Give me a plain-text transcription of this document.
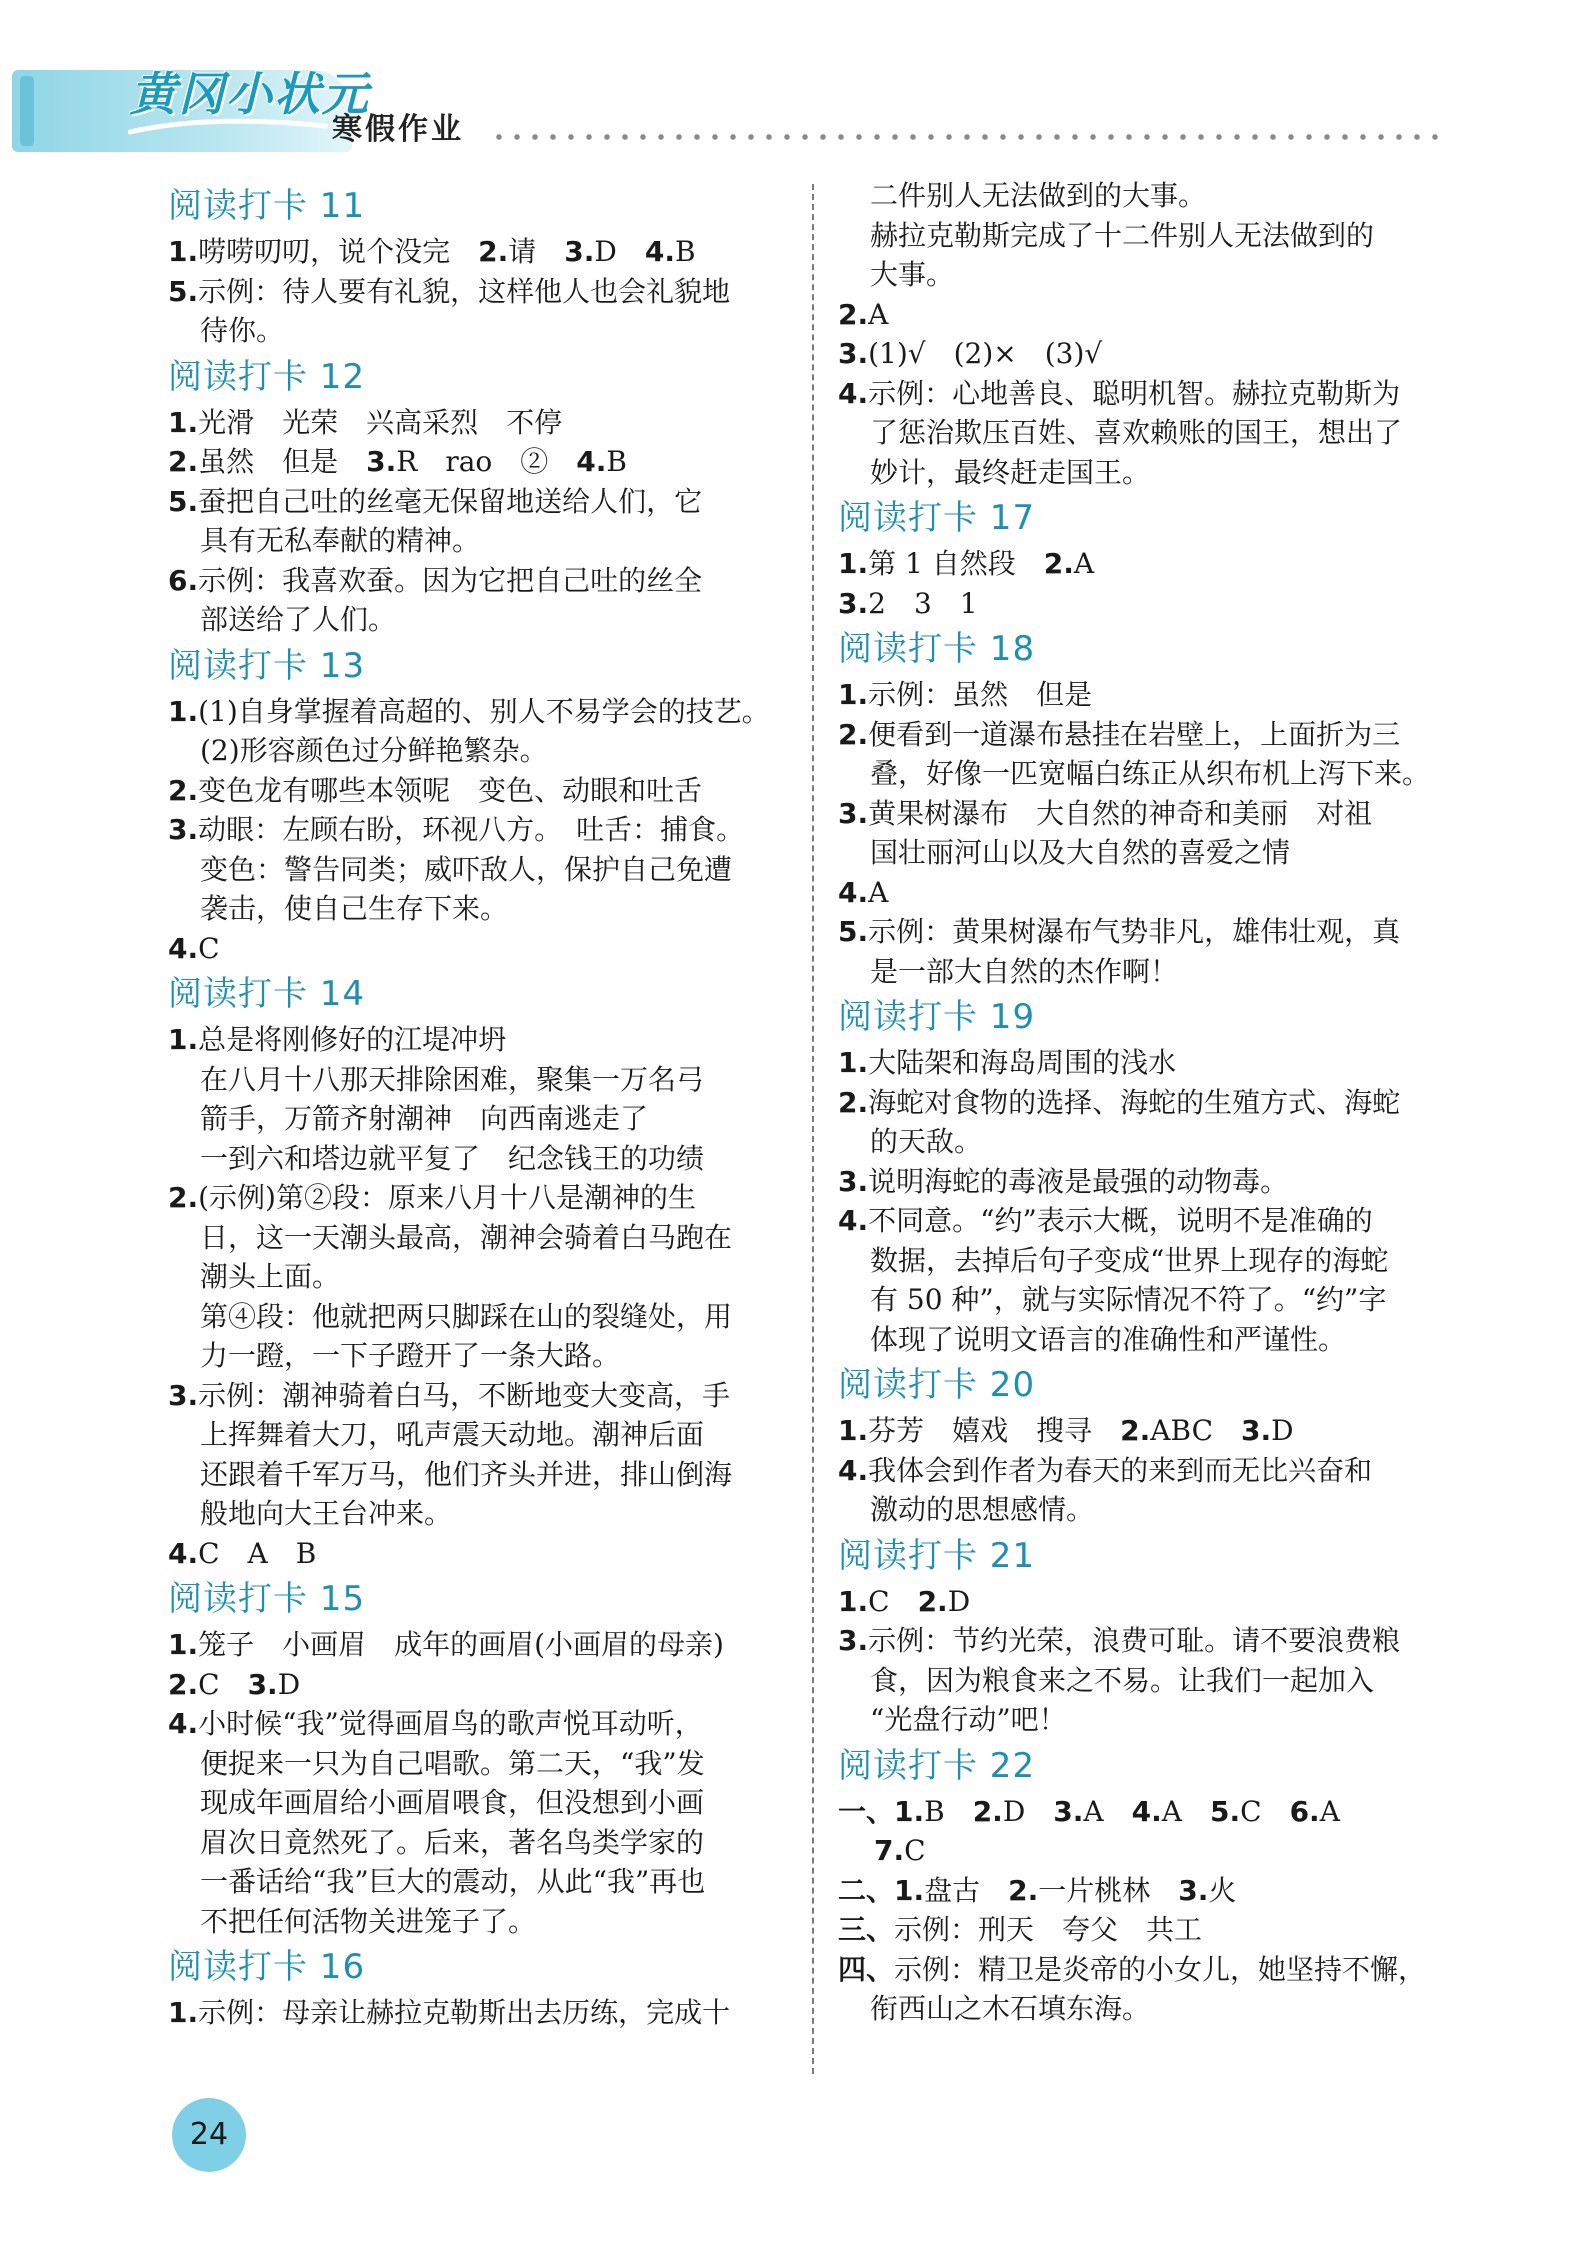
黄冈小状元
寒假作业
阅读打卡 11
1.唠唠叨叨，说个没完　2.请　3.D　4.B
5.示例：待人要有礼貌，这样他人也会礼貌地
待你。
阅读打卡 12
1.光滑　光荣　兴高采烈　不停
2.虽然　但是　3.R　rao　②　4.B
5.蚕把自己吐的丝毫无保留地送给人们，它
具有无私奉献的精神。
6.示例：我喜欢蚕。因为它把自己吐的丝全
部送给了人们。
阅读打卡 13
1.(1)自身掌握着高超的、别人不易学会的技艺。
(2)形容颜色过分鲜艳繁杂。
2.变色龙有哪些本领呢　变色、动眼和吐舌
3.动眼：左顾右盼，环视八方。　吐舌：捕食。
变色：警告同类；威吓敌人，保护自己免遭
袭击，使自己生存下来。
4.C
阅读打卡 14
1.总是将刚修好的江堤冲坍
在八月十八那天排除困难，聚集一万名弓
箭手，万箭齐射潮神　向西南逃走了
一到六和塔边就平复了　纪念钱王的功绩
2.(示例)第②段：原来八月十八是潮神的生
日，这一天潮头最高，潮神会骑着白马跑在
潮头上面。
第④段：他就把两只脚踩在山的裂缝处，用
力一蹬，一下子蹬开了一条大路。
3.示例：潮神骑着白马，不断地变大变高，手
上挥舞着大刀，吼声震天动地。潮神后面
还跟着千军万马，他们齐头并进，排山倒海
般地向大王台冲来。
4.C　A　B
阅读打卡 15
1.笼子　小画眉　成年的画眉(小画眉的母亲)
2.C　3.D
4.小时候“我”觉得画眉鸟的歌声悦耳动听，
便捉来一只为自己唱歌。第二天，“我”发
现成年画眉给小画眉喂食，但没想到小画
眉次日竟然死了。后来，著名鸟类学家的
一番话给“我”巨大的震动，从此“我”再也
不把任何活物关进笼子了。
阅读打卡 16
1.示例：母亲让赫拉克勒斯出去历练，完成十
二件别人无法做到的大事。
赫拉克勒斯完成了十二件别人无法做到的
大事。
2.A
3.(1)√　(2)×　(3)√
4.示例：心地善良、聪明机智。赫拉克勒斯为
了惩治欺压百姓、喜欢赖账的国王，想出了
妙计，最终赶走国王。
阅读打卡 17
1.第 1 自然段　2.A
3.2　3　1
阅读打卡 18
1.示例：虽然　但是
2.便看到一道瀑布悬挂在岩壁上，上面折为三
叠，好像一匹宽幅白练正从织布机上泻下来。
3.黄果树瀑布　大自然的神奇和美丽　对祖
国壮丽河山以及大自然的喜爱之情
4.A
5.示例：黄果树瀑布气势非凡，雄伟壮观，真
是一部大自然的杰作啊！
阅读打卡 19
1.大陆架和海岛周围的浅水
2.海蛇对食物的选择、海蛇的生殖方式、海蛇
的天敌。
3.说明海蛇的毒液是最强的动物毒。
4.不同意。“约”表示大概，说明不是准确的
数据，去掉后句子变成“世界上现存的海蛇
有 50 种”，就与实际情况不符了。“约”字
体现了说明文语言的准确性和严谨性。
阅读打卡 20
1.芬芳　嬉戏　搜寻　2.ABC　3.D
4.我体会到作者为春天的来到而无比兴奋和
激动的思想感情。
阅读打卡 21
1.C　2.D
3.示例：节约光荣，浪费可耻。请不要浪费粮
食，因为粮食来之不易。让我们一起加入
“光盘行动”吧！
阅读打卡 22
一、1.B　2.D　3.A　4.A　5.C　6.A
7.C
二、1.盘古　2.一片桃林　3.火
三、示例：刑天　夸父　共工
四、示例：精卫是炎帝的小女儿，她坚持不懈，
衔西山之木石填东海。
24
